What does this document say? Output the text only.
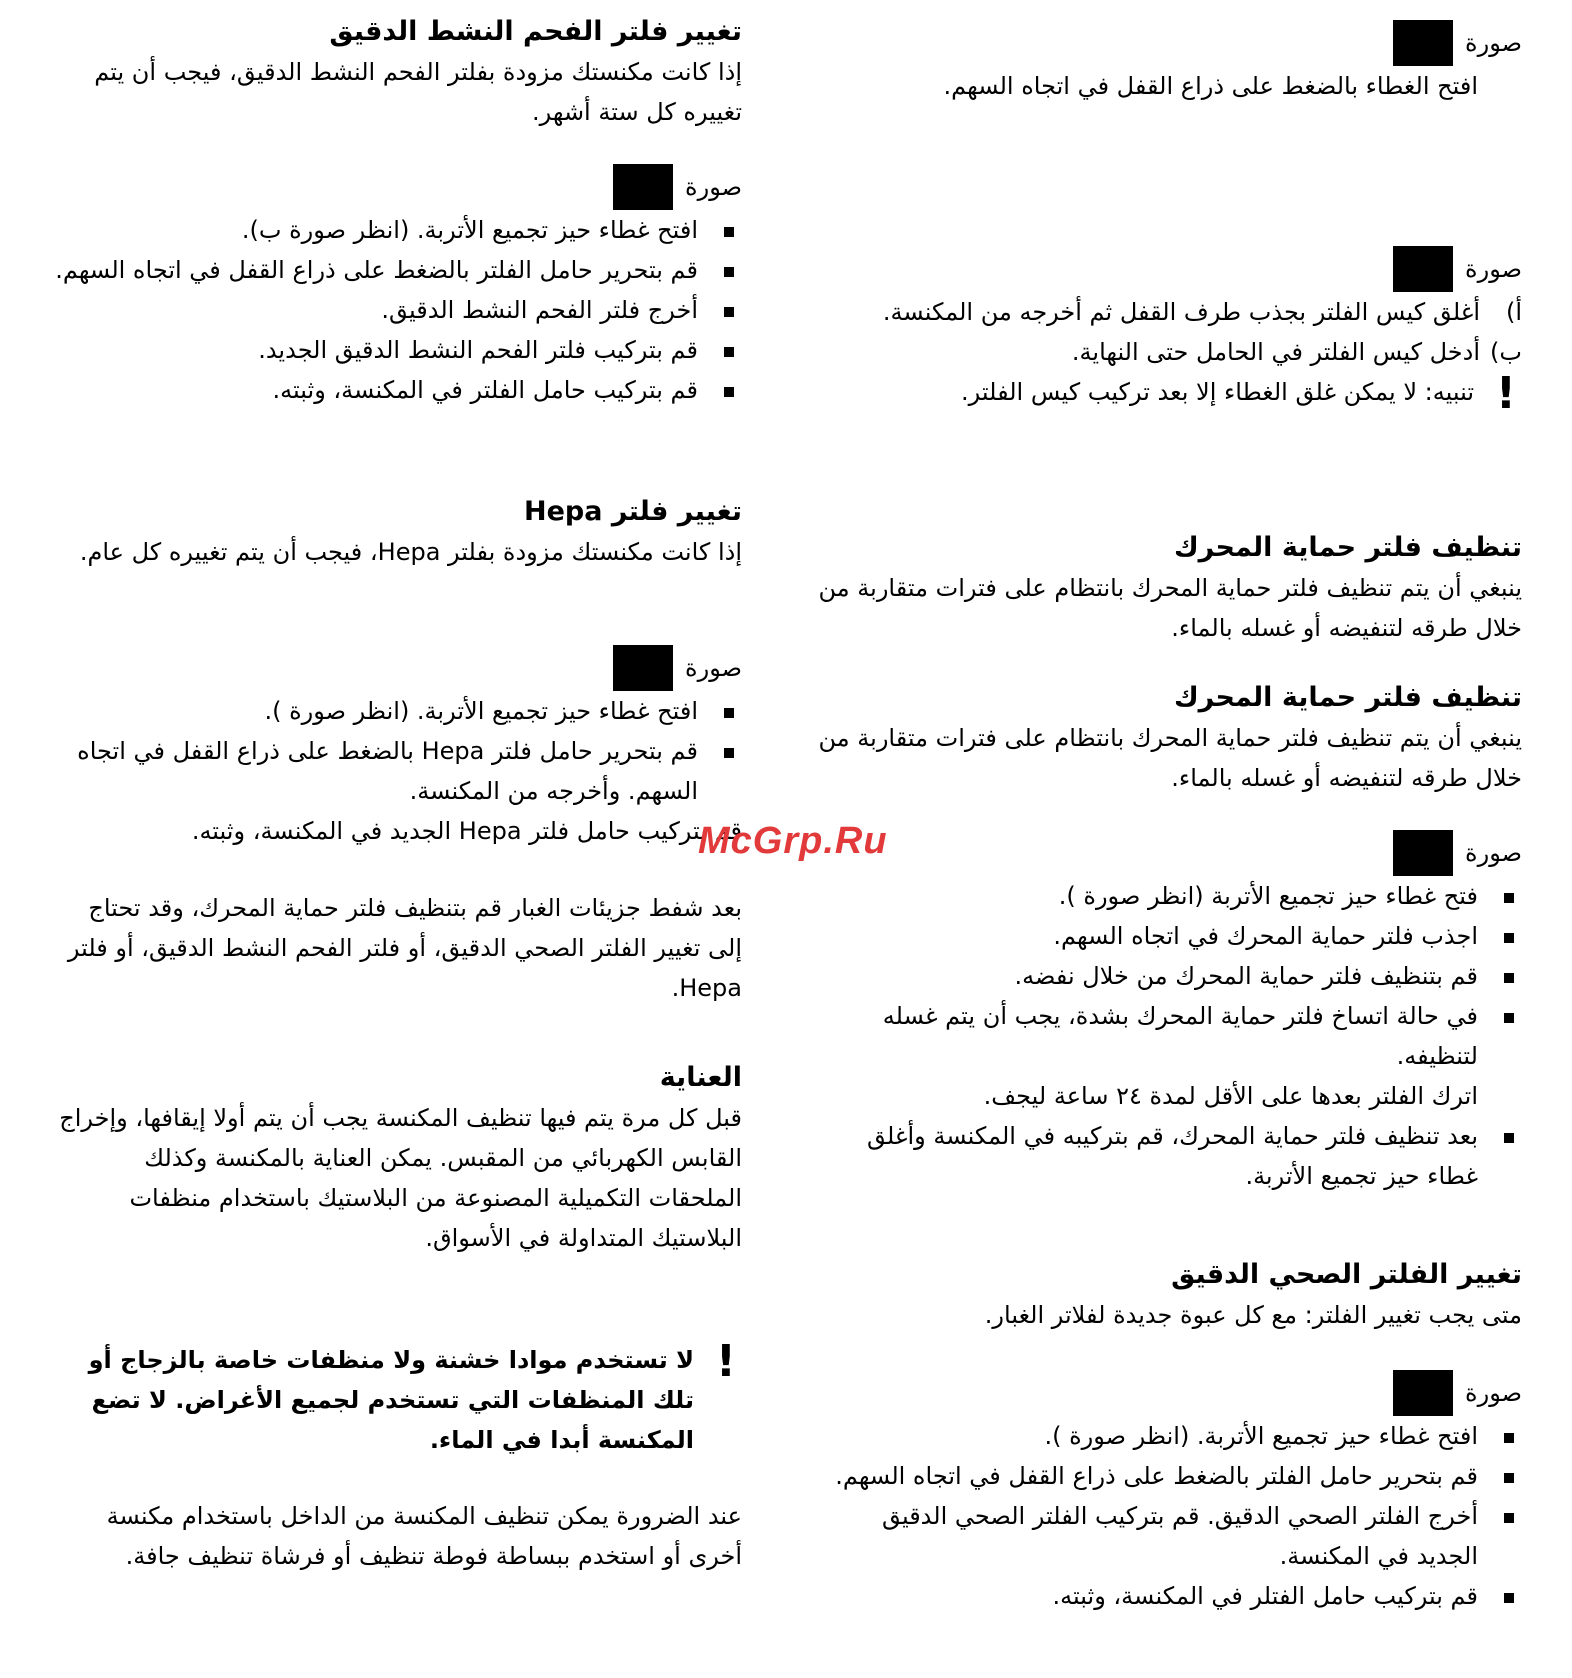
صورة

افتح الغطاء بالضغط على ذراع القفل في اتجاه السهم.

صورة
أ)
أغلق كيس الفلتر بجذب طرف القفل ثم أخرجه من المكنسة.
ب)
أدخل كيس الفلتر في الحامل حتى النهاية.
!
تنبيه: لا يمكن غلق الغطاء إلا بعد تركيب كيس الفلتر.
تنظيف فلتر حماية المحرك

ينبغي أن يتم تنظيف فلتر حماية المحرك بانتظام على فترات متقاربة من خلال طرقه لتنفيضه أو غسله بالماء.

تنظيف فلتر حماية المحرك

ينبغي أن يتم تنظيف فلتر حماية المحرك بانتظام على فترات متقاربة من خلال طرقه لتنفيضه أو غسله بالماء.

صورة
فتح غطاء حيز تجميع الأتربة (انظر صورة ).
اجذب فلتر حماية المحرك في اتجاه السهم.
قم بتنظيف فلتر حماية المحرك من خلال نفضه.
في حالة اتساخ فلتر حماية المحرك بشدة، يجب أن يتم غسله لتنظيفه.

اترك الفلتر بعدها على الأقل لمدة ٢٤ ساعة ليجف.

بعد تنظيف فلتر حماية المحرك، قم بتركيبه في المكنسة وأغلق غطاء حيز تجميع الأتربة.
تغيير الفلتر الصحي الدقيق

متى يجب تغيير الفلتر: مع كل عبوة جديدة لفلاتر الغبار.

صورة
افتح غطاء حيز تجميع الأتربة. (انظر صورة ).
قم بتحرير حامل الفلتر بالضغط على ذراع القفل في اتجاه السهم.
أخرج الفلتر الصحي الدقيق. قم بتركيب الفلتر الصحي الدقيق الجديد في المكنسة.
قم بتركيب حامل الفتلر في المكنسة، وثبته.
تغيير فلتر الفحم النشط الدقيق

إذا كانت مكنستك مزودة بفلتر الفحم النشط الدقيق، فيجب أن يتم تغييره كل ستة أشهر.

صورة
افتح غطاء حيز تجميع الأتربة. (انظر صورة ب).
قم بتحرير حامل الفلتر بالضغط على ذراع القفل في اتجاه السهم.
أخرج فلتر الفحم النشط الدقيق.
قم بتركيب فلتر الفحم النشط الدقيق الجديد.
قم بتركيب حامل الفلتر في المكنسة، وثبته.
تغيير فلتر Hepa

إذا كانت مكنستك مزودة بفلتر Hepa، فيجب أن يتم تغييره كل عام.

صورة
افتح غطاء حيز تجميع الأتربة. (انظر صورة ).
قم بتحرير حامل فلتر Hepa بالضغط على ذراع القفل في اتجاه السهم. وأخرجه من المكنسة.

قم بتركيب حامل فلتر Hepa الجديد في المكنسة، وثبته.

بعد شفط جزيئات الغبار قم بتنظيف فلتر حماية المحرك، وقد تحتاج إلى تغيير الفلتر الصحي الدقيق، أو فلتر الفحم النشط الدقيق، أو فلتر Hepa.

العناية

قبل كل مرة يتم فيها تنظيف المكنسة يجب أن يتم أولا إيقافها، وإخراج القابس الكهربائي من المقبس. يمكن العناية بالمكنسة وكذلك الملحقات التكميلية المصنوعة من البلاستيك باستخدام منظفات البلاستيك المتداولة في الأسواق.

!
لا تستخدم موادا خشنة ولا منظفات خاصة بالزجاج أو تلك المنظفات التي تستخدم لجميع الأغراض. لا تضع المكنسة أبدا في الماء.

عند الضرورة يمكن تنظيف المكنسة من الداخل باستخدام مكنسة أخرى أو استخدم ببساطة فوطة تنظيف أو فرشاة تنظيف جافة.

McGrp.Ru
